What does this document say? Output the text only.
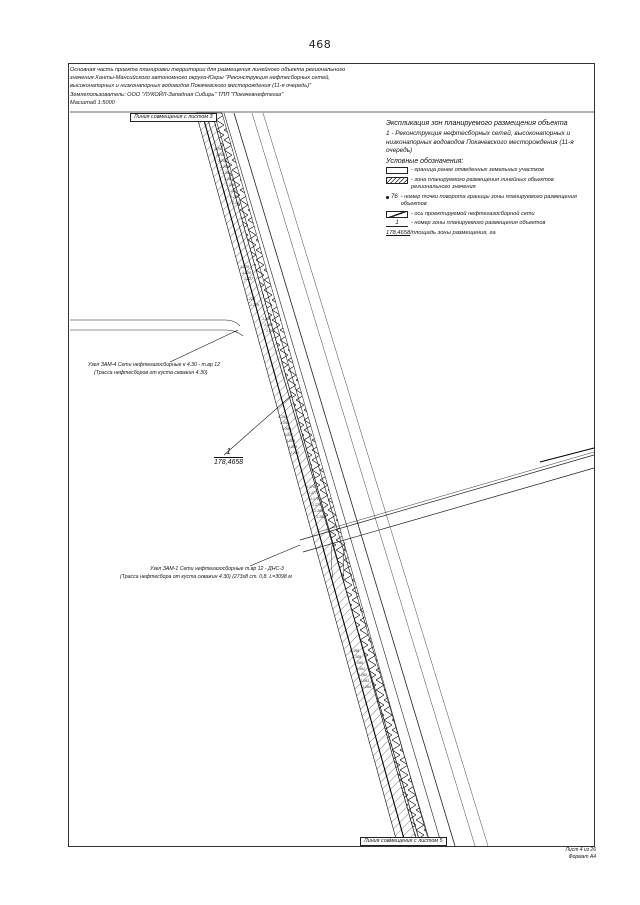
468
Основная часть проекта планировки территории для размещения линейного объекта регионального
значения Ханты-Мансийского автономного округа-Югры "Реконструкция нефтесборных сетей,
высоконапорных и низконапорных водоводов Покачевского месторождения (11-я очередь)"
Землепользователь: ООО "ЛУКОЙЛ-Западная Сибирь" ТПП "Покачевнефтегаз"
Масштаб 1:5000
1.252
1.253
1.254
1.255
1.256
1.257
1.258
1.259
1.260
1.261
1.225
1.226
1.227
1.228
1.229
1.230
1.231
1.232
1.194
1.195
1.196
1.197
1.198
1.199
1.200
1.176
1.177
1.178
1.179
1.180
1.181
1.158
1.159
1.160
1.161
1.162
1.163
1.164
Линия совмещения с листом 3
Линия совмещения с листом 5
Экспликация зон планируемого размещения объекта
1 - Реконструкция нефтесборных сетей, высоконапорных и низконапорных водоводов Покачевского месторождения (11-я очередь)
Условные обозначения:
- граница ранее отведенных земельных участков
- зона планируемого размещения линейных объектов регионального значения
76 - номер точки поворота границы зоны планируемого размещения объектов
- ось проектируемой нефтегазосборной сети
1	- номер зоны планируемого размещения объектов
178,4658/площадь зоны размещения, га
Узел ЗАМ-4 Сети нефтегазосборные к 4.30 - т.вр 12
(Трасса нефтесборов от куста скважин 4.30)
Узел ЗАМ-1 Сети нефтегазосборные т.вр 12 - ДНС-3
(Трасса нефтесбора от куста скважин 4.30) (273х8 ст. 0,8, L=3098 м
1
178,4658
Лист 4 из 26
Формат А4
